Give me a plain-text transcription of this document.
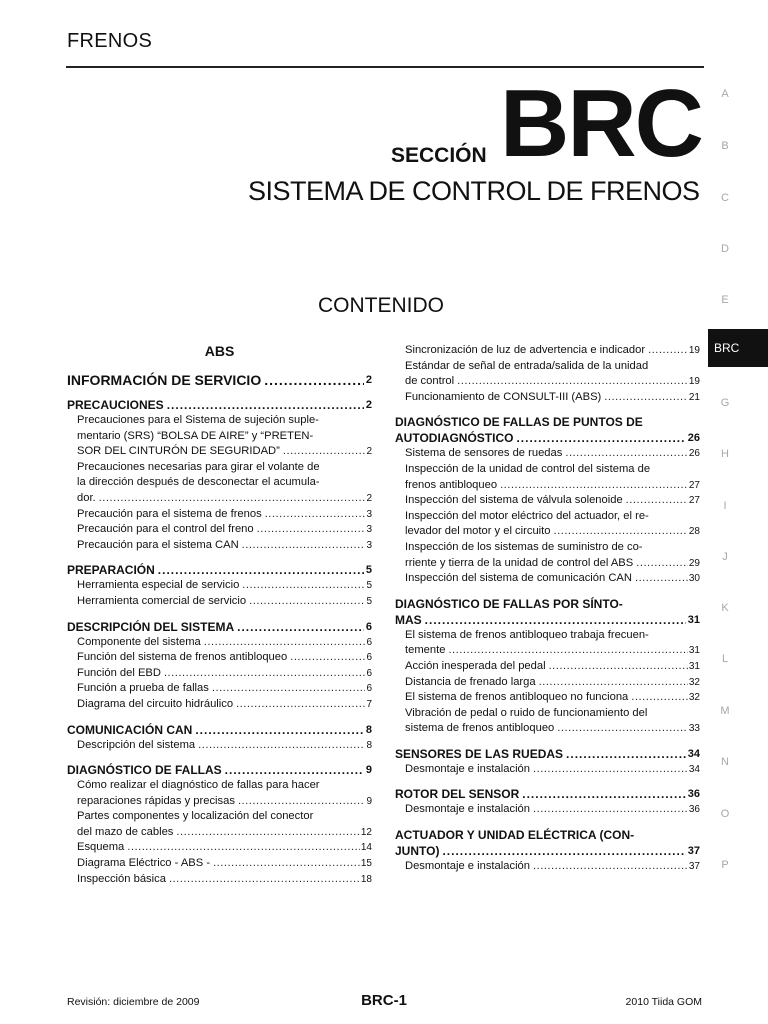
FRENOS
SECCIÓN BRC
SISTEMA DE CONTROL DE FRENOS
CONTENIDO
BRC
A
B
C
D
E
G
H
I
J
K
L
M
N
O
P
ABS
INFORMACIÓN DE SERVICIO .....	2
PRECAUCIONES .....	2
Precauciones para el Sistema de sujeción suple-
mentario (SRS) “BOLSA DE AIRE” y “PRETEN-
SOR DEL CINTURÓN DE SEGURIDAD” .....	2
Precauciones necesarias para girar el volante de
la dirección después de desconectar el acumula-
dor. .....	2
Precaución para el sistema de frenos .....	3
Precaución para el control del freno .....	3
Precaución para el sistema CAN .....	3
PREPARACIÓN .....	5
Herramienta especial de servicio .....	5
Herramienta comercial de servicio .....	5
DESCRIPCIÓN DEL SISTEMA .....	6
Componente del sistema .....	6
Función del sistema de frenos antibloqueo .....	6
Función del EBD .....	6
Función a prueba de fallas .....	6
Diagrama del circuito hidráulico .....	7
COMUNICACIÓN CAN .....	8
Descripción del sistema .....	8
DIAGNÓSTICO DE FALLAS .....	9
Cómo realizar el diagnóstico de fallas para hacer
reparaciones rápidas y precisas .....	9
Partes componentes y localización del conector
del mazo de cables .....	12
Esquema .....	14
Diagrama Eléctrico - ABS - .....	15
Inspección básica .....	18
Sincronización de luz de advertencia e indicador .....	19
Estándar de señal de entrada/salida de la unidad
de control .....	19
Funcionamiento de CONSULT-III (ABS) .....	21
DIAGNÓSTICO DE FALLAS DE PUNTOS DE
AUTODIAGNÓSTICO .....	26
Sistema de sensores de ruedas .....	26
Inspección de la unidad de control del sistema de
frenos antibloqueo .....	27
Inspección del sistema de válvula solenoide .....	27
Inspección del motor eléctrico del actuador, el re-
levador del motor y el circuito .....	28
Inspección de los sistemas de suministro de co-
rriente y tierra de la unidad de control del ABS .....	29
Inspección del sistema de comunicación CAN .....	30
DIAGNÓSTICO DE FALLAS POR SÍNTO-
MAS .....	31
El sistema de frenos antibloqueo trabaja frecuen-
temente .....	31
Acción inesperada del pedal .....	31
Distancia de frenado larga .....	32
El sistema de frenos antibloqueo no funciona .....	32
Vibración de pedal o ruido de funcionamiento del
sistema de frenos antibloqueo .....	33
SENSORES DE LAS RUEDAS .....	34
Desmontaje e instalación .....	34
ROTOR DEL SENSOR .....	36
Desmontaje e instalación .....	36
ACTUADOR Y UNIDAD ELÉCTRICA (CON-
JUNTO) .....	37
Desmontaje e instalación .....	37
Revisión: diciembre de 2009	BRC-1	2010 Tiida GOM
